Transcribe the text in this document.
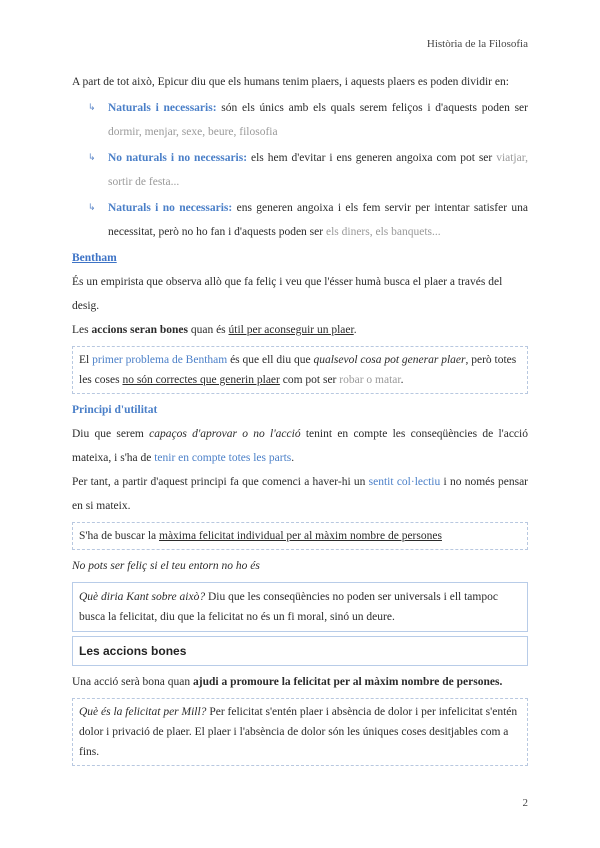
Història de la Filosofia

A part de tot això, Epicur diu que els humans tenim plaers, i aquests plaers es poden dividir en:

↳ Naturals i necessaris: són els únics amb els quals serem feliços i d'aquests poden ser dormir, menjar, sexe, beure, filosofia
↳ No naturals i no necessaris: els hem d'evitar i ens generen angoixa com pot ser viatjar, sortir de festa...
↳ Naturals i no necessaris: ens generen angoixa i els fem servir per intentar satisfer una necessitat, però no ho fan i d'aquests poden ser els diners, els banquets...
Bentham

És un empirista que observa allò que fa feliç i veu que l'ésser humà busca el plaer a través del desig.

Les accions seran bones quan és útil per aconseguir un plaer.

El primer problema de Bentham és que ell diu que qualsevol cosa pot generar plaer, però totes les coses no són correctes que generin plaer com pot ser robar o matar.
Principi d'utilitat

Diu que serem capaços d'aprovar o no l'acció tenint en compte les conseqüències de l'acció mateixa, i s'ha de tenir en compte totes les parts.

Per tant, a partir d'aquest principi fa que comenci a haver-hi un sentit col·lectiu i no només pensar en si mateix.

S'ha de buscar la màxima felicitat individual per al màxim nombre de persones

No pots ser feliç si el teu entorn no ho és

Què diria Kant sobre això? Diu que les conseqüències no poden ser universals i ell tampoc busca la felicitat, diu que la felicitat no és un fi moral, sinó un deure.
Les accions bones

Una acció serà bona quan ajudi a promoure la felicitat per al màxim nombre de persones.

Què és la felicitat per Mill? Per felicitat s'entén plaer i absència de dolor i per infelicitat s'entén dolor i privació de plaer. El plaer i l'absència de dolor són les úniques coses desitjables com a fins.
2
